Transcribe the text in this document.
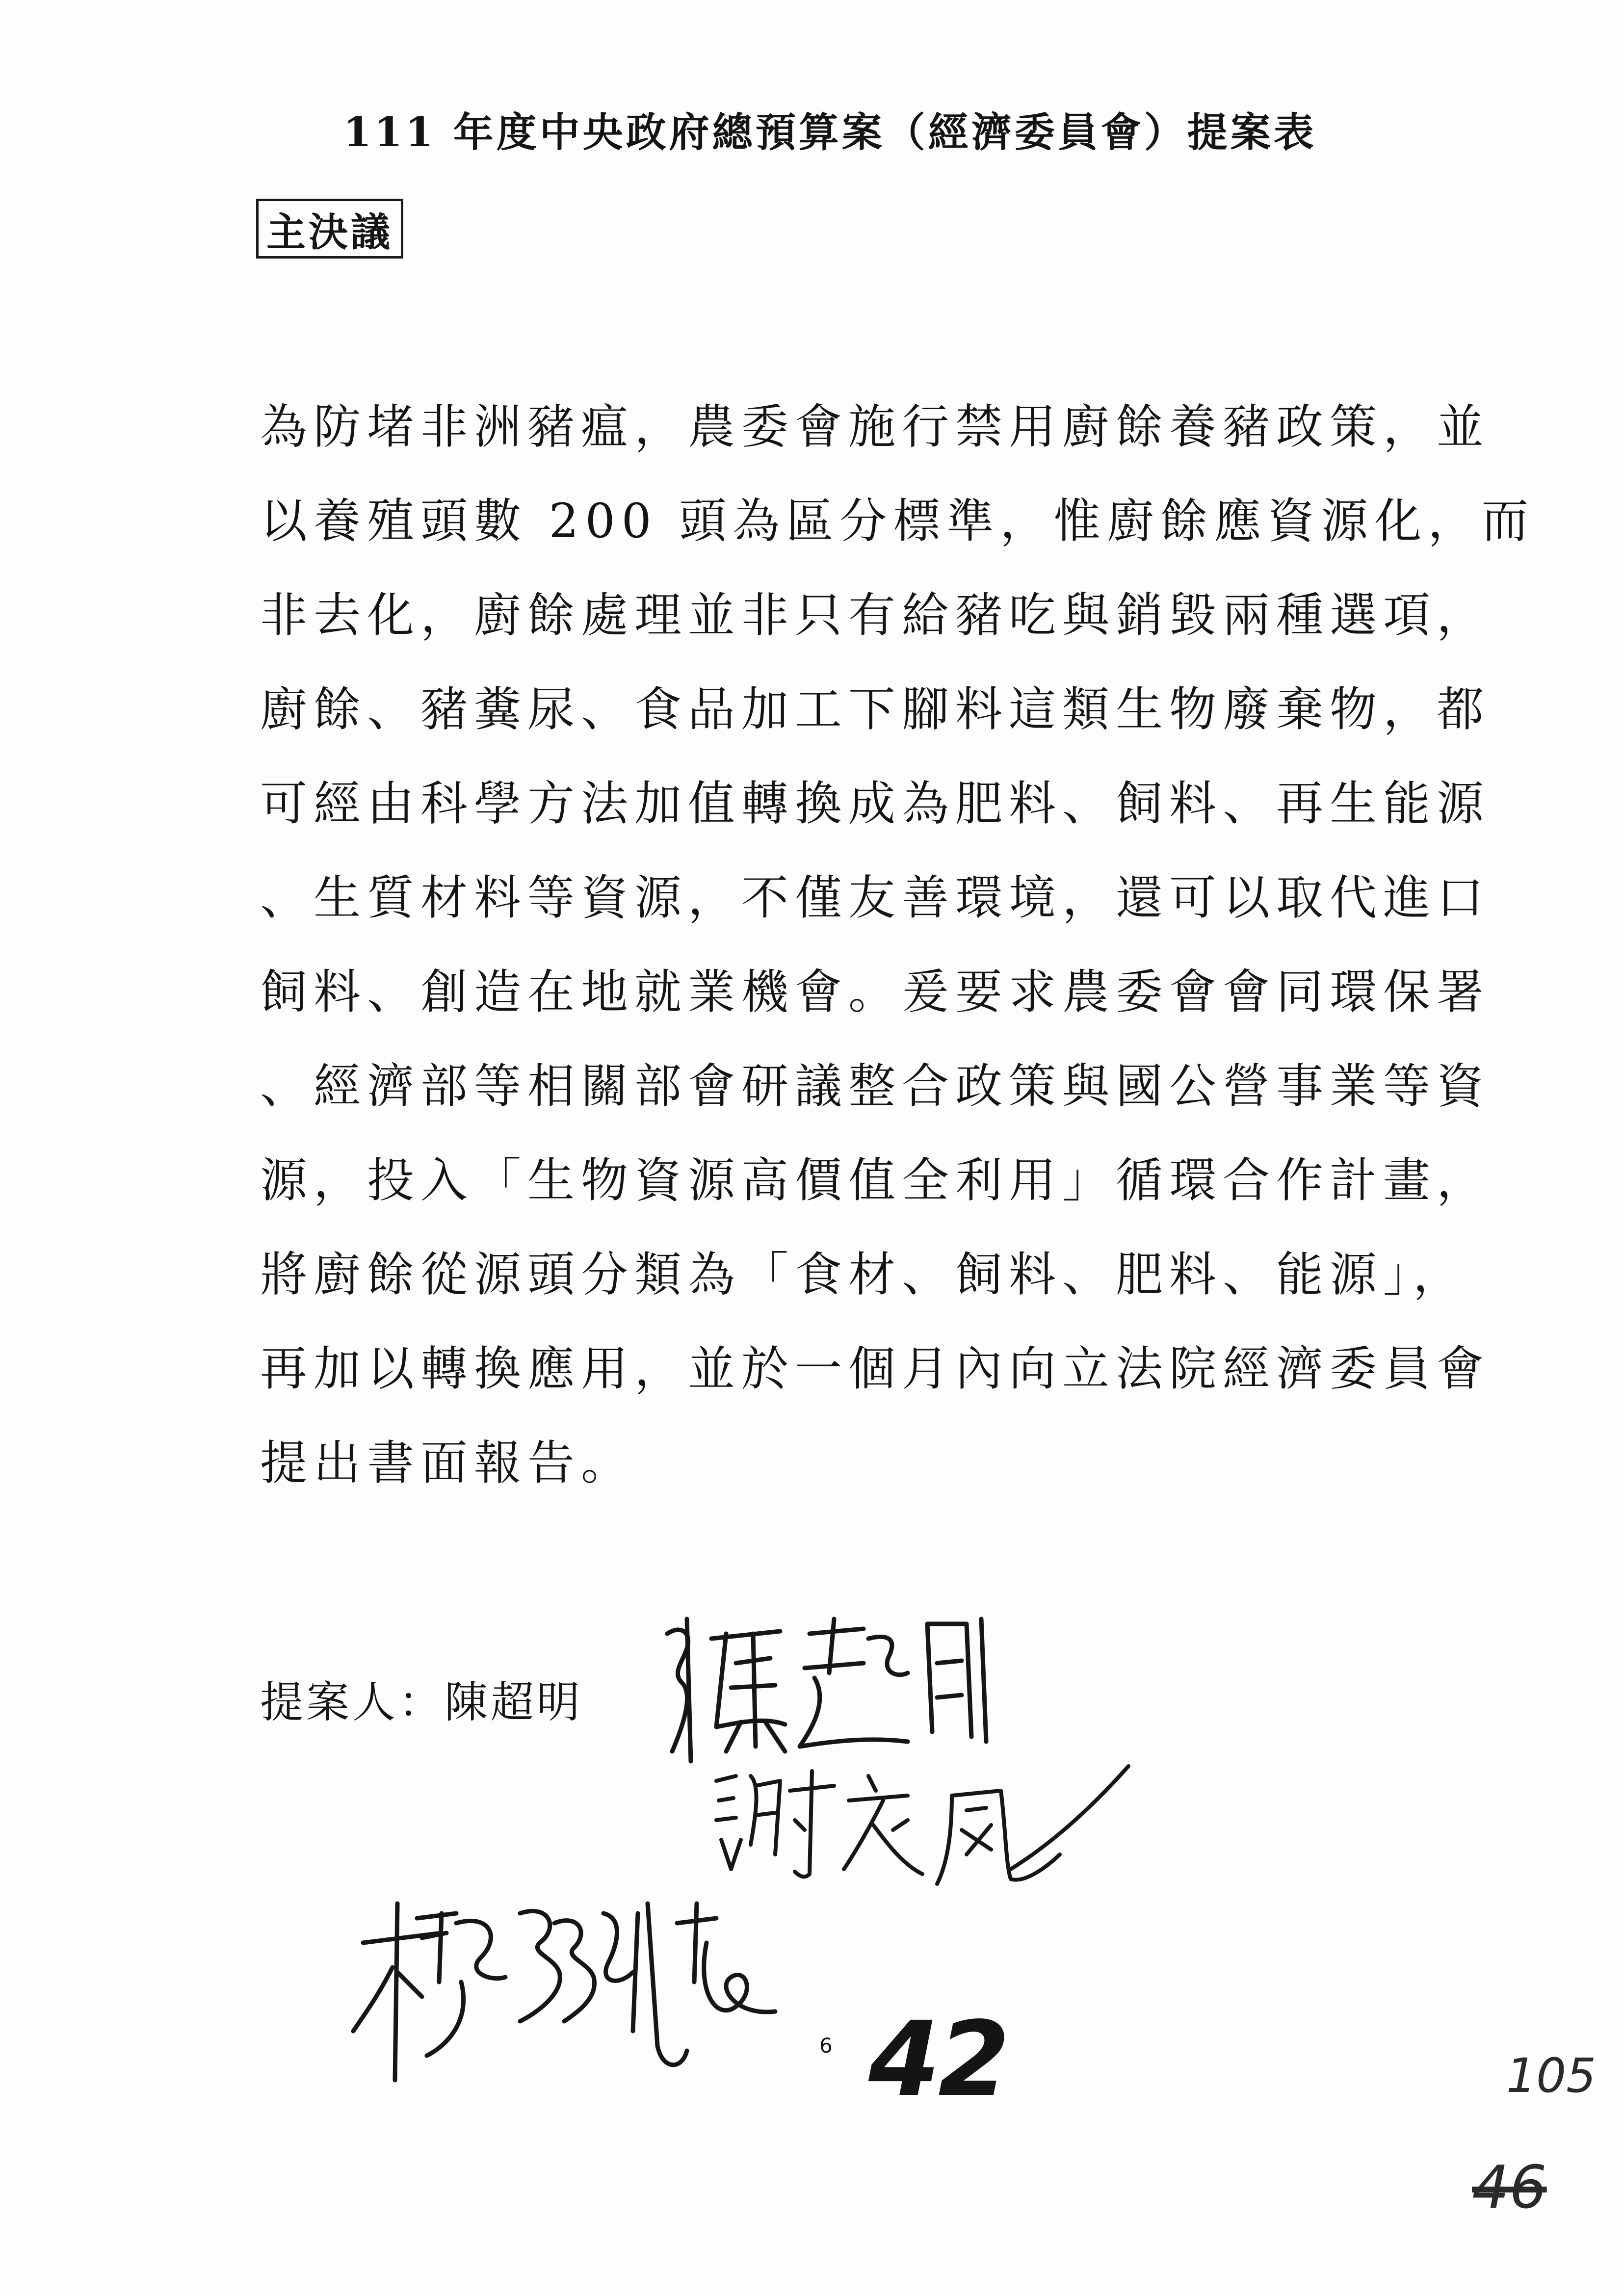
111 年度中央政府總預算案（經濟委員會）提案表
主決議
為防堵非洲豬瘟，農委會施行禁用廚餘養豬政策，並
以養殖頭數 200 頭為區分標準，惟廚餘應資源化，而
非去化，廚餘處理並非只有給豬吃與銷毀兩種選項，
廚餘、豬糞尿、食品加工下腳料這類生物廢棄物，都
可經由科學方法加值轉換成為肥料、飼料、再生能源
、生質材料等資源，不僅友善環境，還可以取代進口
飼料、創造在地就業機會。爰要求農委會會同環保署
、經濟部等相關部會研議整合政策與國公營事業等資
源，投入「生物資源高價值全利用」循環合作計畫，
將廚餘從源頭分類為「食材、飼料、肥料、能源」，
再加以轉換應用，並於一個月內向立法院經濟委員會
提出書面報告。
提案人：陳超明
6 42	105
46
